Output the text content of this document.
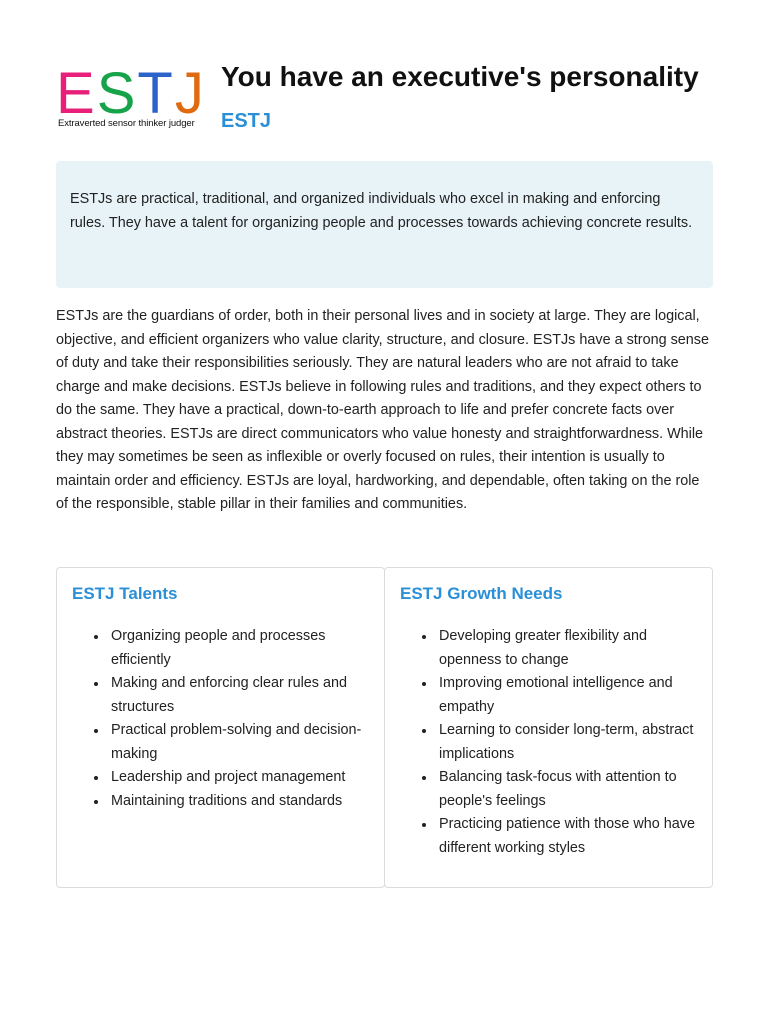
ESTJ
Extraverted sensor thinker judger
You have an executive's personality
ESTJ

ESTJs are practical, traditional, and organized individuals who excel in making and enforcing rules. They have a talent for organizing people and processes towards achieving concrete results.

ESTJs are the guardians of order, both in their personal lives and in society at large. They are logical, objective, and efficient organizers who value clarity, structure, and closure. ESTJs have a strong sense of duty and take their responsibilities seriously. They are natural leaders who are not afraid to take charge and make decisions. ESTJs believe in following rules and traditions, and they expect others to do the same. They have a practical, down-to-earth approach to life and prefer concrete facts over abstract theories. ESTJs are direct communicators who value honesty and straightforwardness. While they may sometimes be seen as inflexible or overly focused on rules, their intention is usually to maintain order and efficiency. ESTJs are loyal, hardworking, and dependable, often taking on the role of the responsible, stable pillar in their families and communities.

ESTJ Talents
Organizing people and processes efficiently
Making and enforcing clear rules and structures
Practical problem-solving and decision-making
Leadership and project management
Maintaining traditions and standards
ESTJ Growth Needs
Developing greater flexibility and openness to change
Improving emotional intelligence and empathy
Learning to consider long-term, abstract implications
Balancing task-focus with attention to people's feelings
Practicing patience with those who have different working styles
